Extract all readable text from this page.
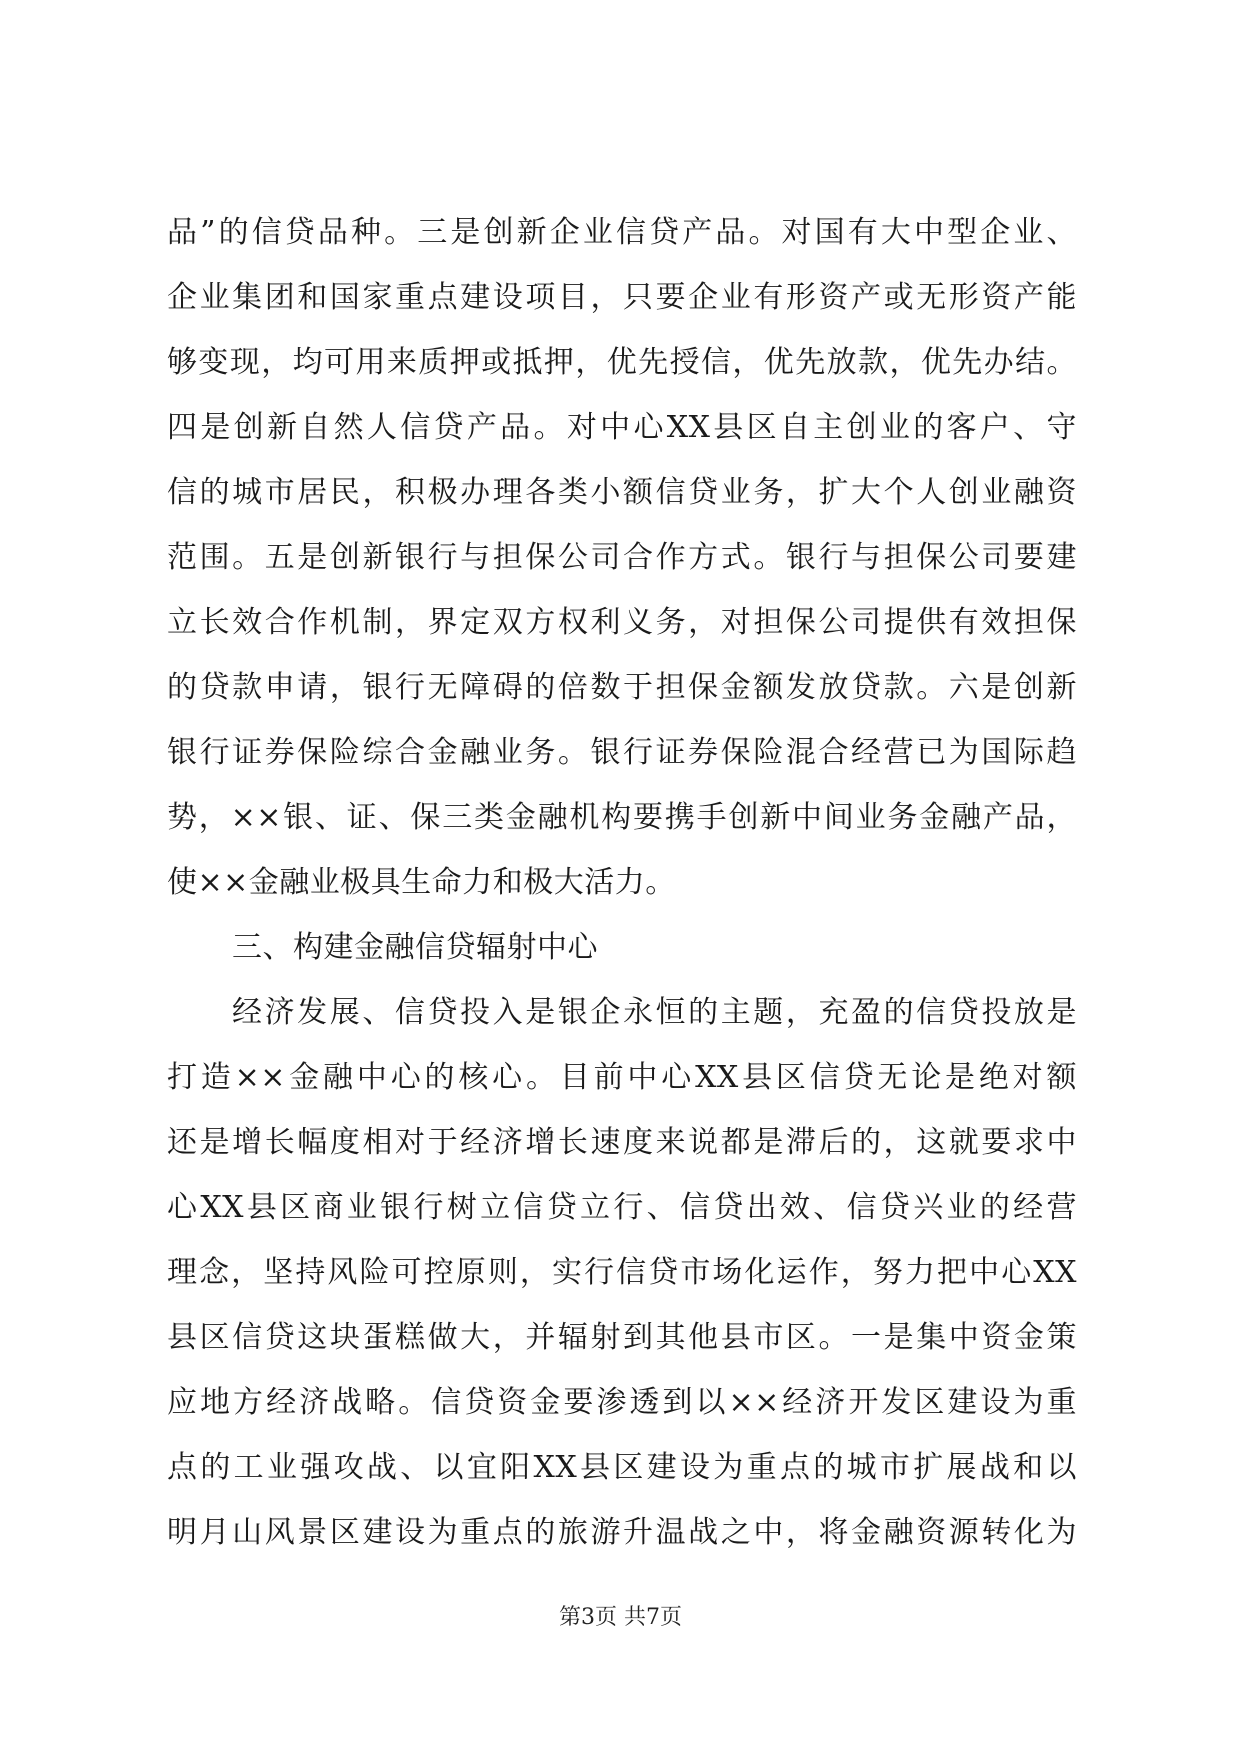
品”的信贷品种。三是创新企业信贷产品。对国有大中型企业、
企业集团和国家重点建设项目，只要企业有形资产或无形资产能
够变现，均可用来质押或抵押，优先授信，优先放款，优先办结。
四是创新自然人信贷产品。对中心XX县区自主创业的客户、守
信的城市居民，积极办理各类小额信贷业务，扩大个人创业融资
范围。五是创新银行与担保公司合作方式。银行与担保公司要建
立长效合作机制，界定双方权利义务，对担保公司提供有效担保
的贷款申请，银行无障碍的倍数于担保金额发放贷款。六是创新
银行证券保险综合金融业务。银行证券保险混合经营已为国际趋
势，××银、证、保三类金融机构要携手创新中间业务金融产品，
使××金融业极具生命力和极大活力。
三、构建金融信贷辐射中心
经济发展、信贷投入是银企永恒的主题，充盈的信贷投放是
打造××金融中心的核心。目前中心XX县区信贷无论是绝对额
还是增长幅度相对于经济增长速度来说都是滞后的，这就要求中
心XX县区商业银行树立信贷立行、信贷出效、信贷兴业的经营
理念，坚持风险可控原则，实行信贷市场化运作，努力把中心XX
县区信贷这块蛋糕做大，并辐射到其他县市区。一是集中资金策
应地方经济战略。信贷资金要渗透到以××经济开发区建设为重
点的工业强攻战、以宜阳XX县区建设为重点的城市扩展战和以
明月山风景区建设为重点的旅游升温战之中，将金融资源转化为
第3页 共7页
